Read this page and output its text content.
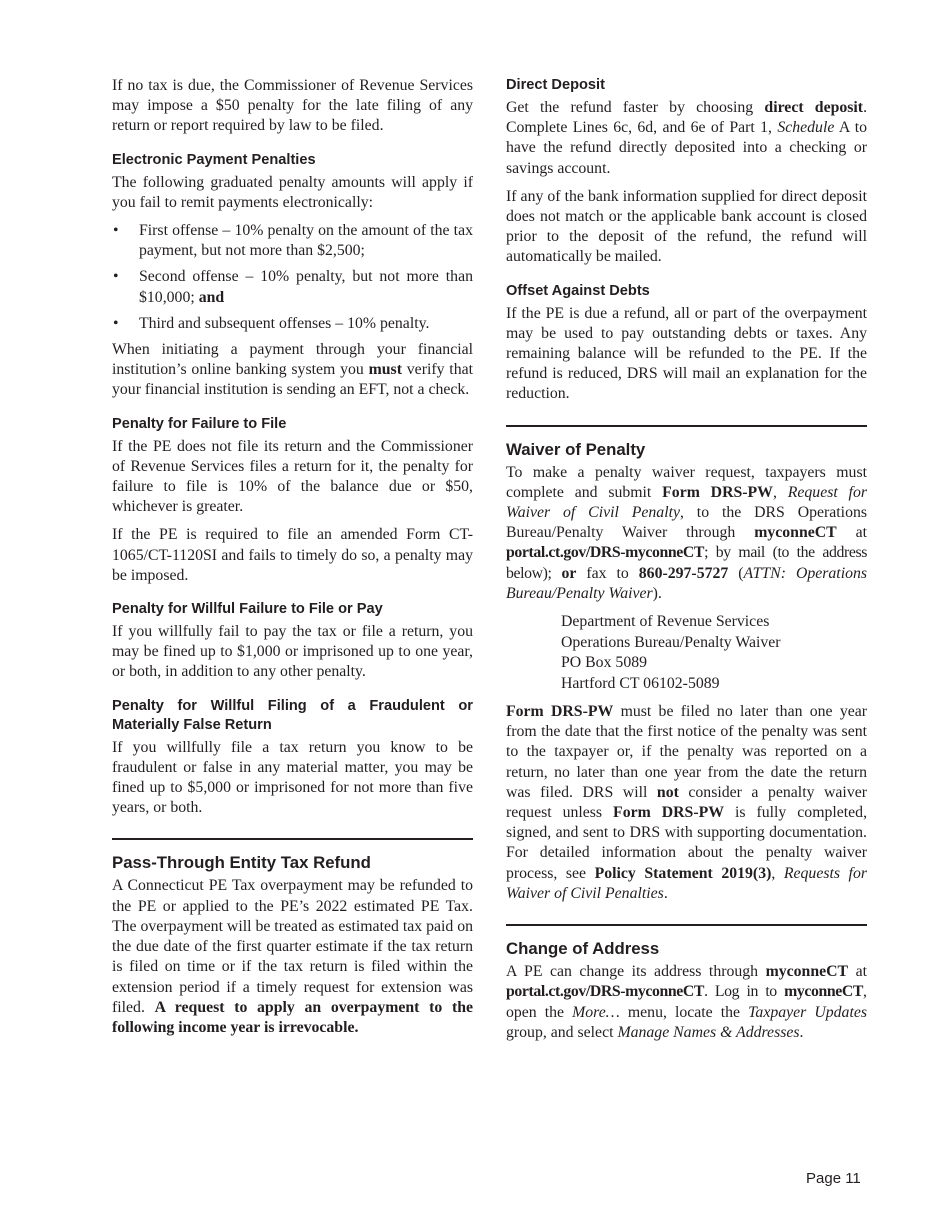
If no tax is due, the Commissioner of Revenue Services may impose a $50 penalty for the late filing of any return or report required by law to be filed.

Electronic Payment Penalties

The following graduated penalty amounts will apply if you fail to remit payments electronically:

• First offense – 10% penalty on the amount of the tax payment, but not more than $2,500;
• Second offense – 10% penalty, but not more than $10,000; and
• Third and subsequent offenses – 10% penalty.

When initiating a payment through your financial institution’s online banking system you must verify that your financial institution is sending an EFT, not a check.

Penalty for Failure to File

If the PE does not file its return and the Commissioner of Revenue Services files a return for it, the penalty for failure to file is 10% of the balance due or $50, whichever is greater.

If the PE is required to file an amended Form CT-1065/CT-1120SI and fails to timely do so, a penalty may be imposed.

Penalty for Willful Failure to File or Pay

If you willfully fail to pay the tax or file a return, you may be fined up to $1,000 or imprisoned up to one year, or both, in addition to any other penalty.

Penalty for Willful Filing of a Fraudulent or Materially False Return

If you willfully file a tax return you know to be fraudulent or false in any material matter, you may be fined up to $5,000 or imprisoned for not more than five years, or both.

Pass-Through Entity Tax Refund

A Connecticut PE Tax overpayment may be refunded to the PE or applied to the PE’s 2022 estimated PE Tax. The overpayment will be treated as estimated tax paid on the due date of the first quarter estimate if the tax return is filed on time or if the tax return is filed within the extension period if a timely request for extension was filed. A request to apply an overpayment to the following income year is irrevocable.

Direct Deposit

Get the refund faster by choosing direct deposit. Complete Lines 6c, 6d, and 6e of Part 1, Schedule A to have the refund directly deposited into a checking or savings account.

If any of the bank information supplied for direct deposit does not match or the applicable bank account is closed prior to the deposit of the refund, the refund will automatically be mailed.

Offset Against Debts

If the PE is due a refund, all or part of the overpayment may be used to pay outstanding debts or taxes. Any remaining balance will be refunded to the PE. If the refund is reduced, DRS will mail an explanation for the reduction.

Waiver of Penalty

To make a penalty waiver request, taxpayers must complete and submit Form DRS-PW, Request for Waiver of Civil Penalty, to the DRS Operations Bureau/Penalty Waiver through myconneCT at portal.ct.gov/DRS-myconneCT; by mail (to the address below); or fax to 860-297-5727 (ATTN: Operations Bureau/Penalty Waiver).

Department of Revenue Services
Operations Bureau/Penalty Waiver
PO Box 5089
Hartford CT 06102-5089

Form DRS-PW must be filed no later than one year from the date that the first notice of the penalty was sent to the taxpayer or, if the penalty was reported on a return, no later than one year from the date the return was filed. DRS will not consider a penalty waiver request unless Form DRS-PW is fully completed, signed, and sent to DRS with supporting documentation. For detailed information about the penalty waiver process, see Policy Statement 2019(3), Requests for Waiver of Civil Penalties.

Change of Address

A PE can change its address through myconneCT at portal.ct.gov/DRS-myconneCT. Log in to myconneCT, open the More… menu, locate the Taxpayer Updates group, and select Manage Names & Addresses.

Page 11
